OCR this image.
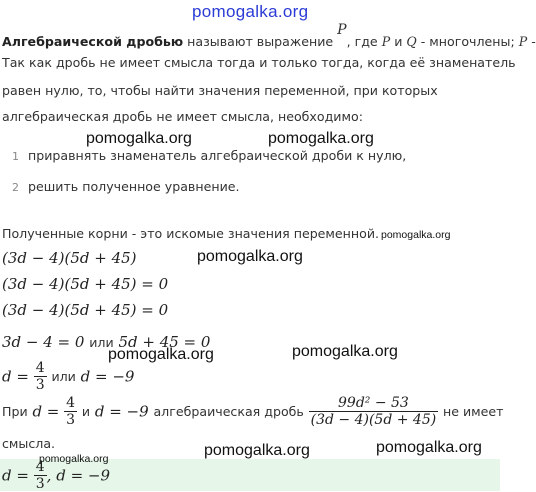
pomogalka.org
Алгебраической дробью называют выражение
P
, где P и Q - многочлены; P -
Так как дробь не имеет смысла тогда и только тогда, когда её знаменатель
равен нулю, то, чтобы найти значения переменной, при которых
алгебраическая дробь не имеет смысла, необходимо:
pomogalka.org	pomogalka.org
1 приравнять знаменатель алгебраической дроби к нулю,
2 решить полученное уравнение.
Полученные корни - это искомые значения переменной. pomogalka.org
(3d − 4)(5d + 45)	pomogalka.org
(3d − 4)(5d + 45) = 0
(3d − 4)(5d + 45) = 0
3d − 4 = 0 или 5d + 45 = 0
pomogalka.org	pomogalka.org
$d = \frac{4}{3}$ или d = −9
При $d = \frac{4}{3}$ и d = −9 алгебраическая дробь $\frac{\text{99d² − 53}}{(3d - 4)(5d + 45)}$ не имеет
смысла.	pomogalka.org	pomogalka.org
pomogalka.org
$d = \frac{4}{3}$ , d = −9
